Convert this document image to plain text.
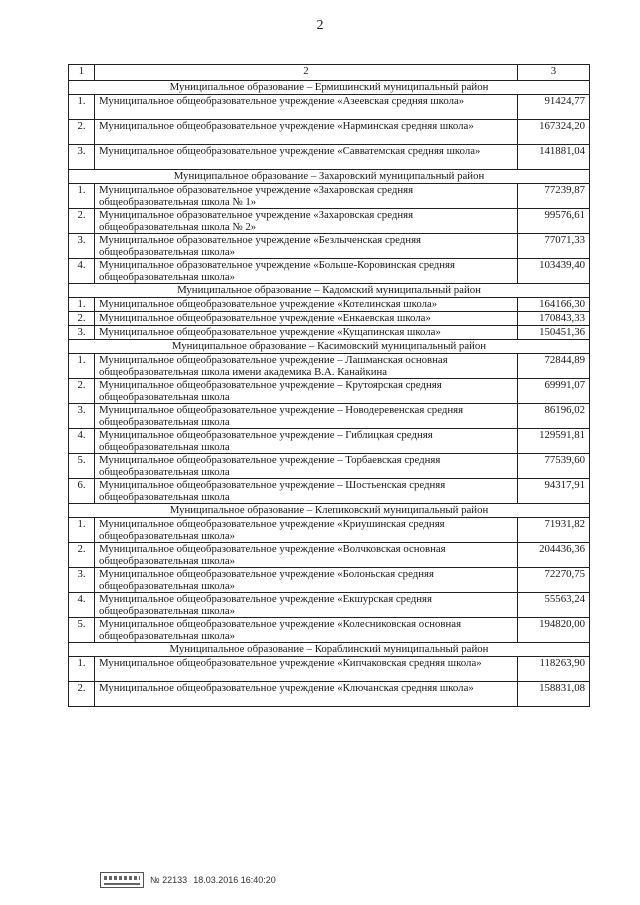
2
1	2	3
Муниципальное образование – Ермишинский муниципальный район		
1.	Муниципальное общеобразовательное учреждение «Азеевская средняя школа»	91424,77
2.	Муниципальное общеобразовательное учреждение «Нарминская средняя школа»	167324,20
3.	Муниципальное общеобразовательное учреждение «Савватемская средняя школа»	141881,04
Муниципальное образование – Захаровский муниципальный район		
1.	Муниципальное образовательное учреждение «Захаровская средняя общеобразовательная школа № 1»	77239,87
2.	Муниципальное образовательное учреждение «Захаровская средняя общеобразовательная школа № 2»	99576,61
3.	Муниципальное образовательное учреждение «Безлыченская средняя общеобразовательная школа»	77071,33
4.	Муниципальное образовательное учреждение «Больше-Коровинская средняя общеобразовательная школа»	103439,40
Муниципальное образование – Кадомский муниципальный район		
1.	Муниципальное общеобразовательное учреждение «Котелинская школа»	164166,30
2.	Муниципальное общеобразовательное учреждение «Енкаевская школа»	170843,33
3.	Муниципальное общеобразовательное учреждение «Кущапинская школа»	150451,36
Муниципальное образование – Касимовский муниципальный район		
1.	Муниципальное общеобразовательное учреждение – Лашманская основная общеобразовательная школа имени академика В.А. Канайкина	72844,89
2.	Муниципальное общеобразовательное учреждение – Крутоярская средняя общеобразовательная школа	69991,07
3.	Муниципальное общеобразовательное учреждение – Новодеревенская средняя общеобразовательная школа	86196,02
4.	Муниципальное общеобразовательное учреждение – Гиблицкая средняя общеобразовательная школа	129591,81
5.	Муниципальное общеобразовательное учреждение – Торбаевская средняя общеобразовательная школа	77539,60
6.	Муниципальное общеобразовательное учреждение – Шостьенская средняя общеобразовательная школа	94317,91
Муниципальное образование – Клепиковский муниципальный район		
1.	Муниципальное общеобразовательное учреждение «Криушинская средняя общеобразовательная школа»	71931,82
2.	Муниципальное общеобразовательное учреждение «Волчковская основная общеобразовательная школа»	204436,36
3.	Муниципальное общеобразовательное учреждение «Болоньская средняя общеобразовательная школа»	72270,75
4.	Муниципальное общеобразовательное учреждение «Екшурская средняя общеобразовательная школа»	55563,24
5.	Муниципальное общеобразовательное учреждение «Колесниковская основная общеобразовательная школа»	194820,00
Муниципальное образование – Кораблинский муниципальный район		
1.	Муниципальное общеобразовательное учреждение «Кипчаковская средняя школа»	118263,90
2.	Муниципальное общеобразовательное учреждение «Ключанская средняя школа»	158831,08
№ 22133 18.03.2016 16:40:20
